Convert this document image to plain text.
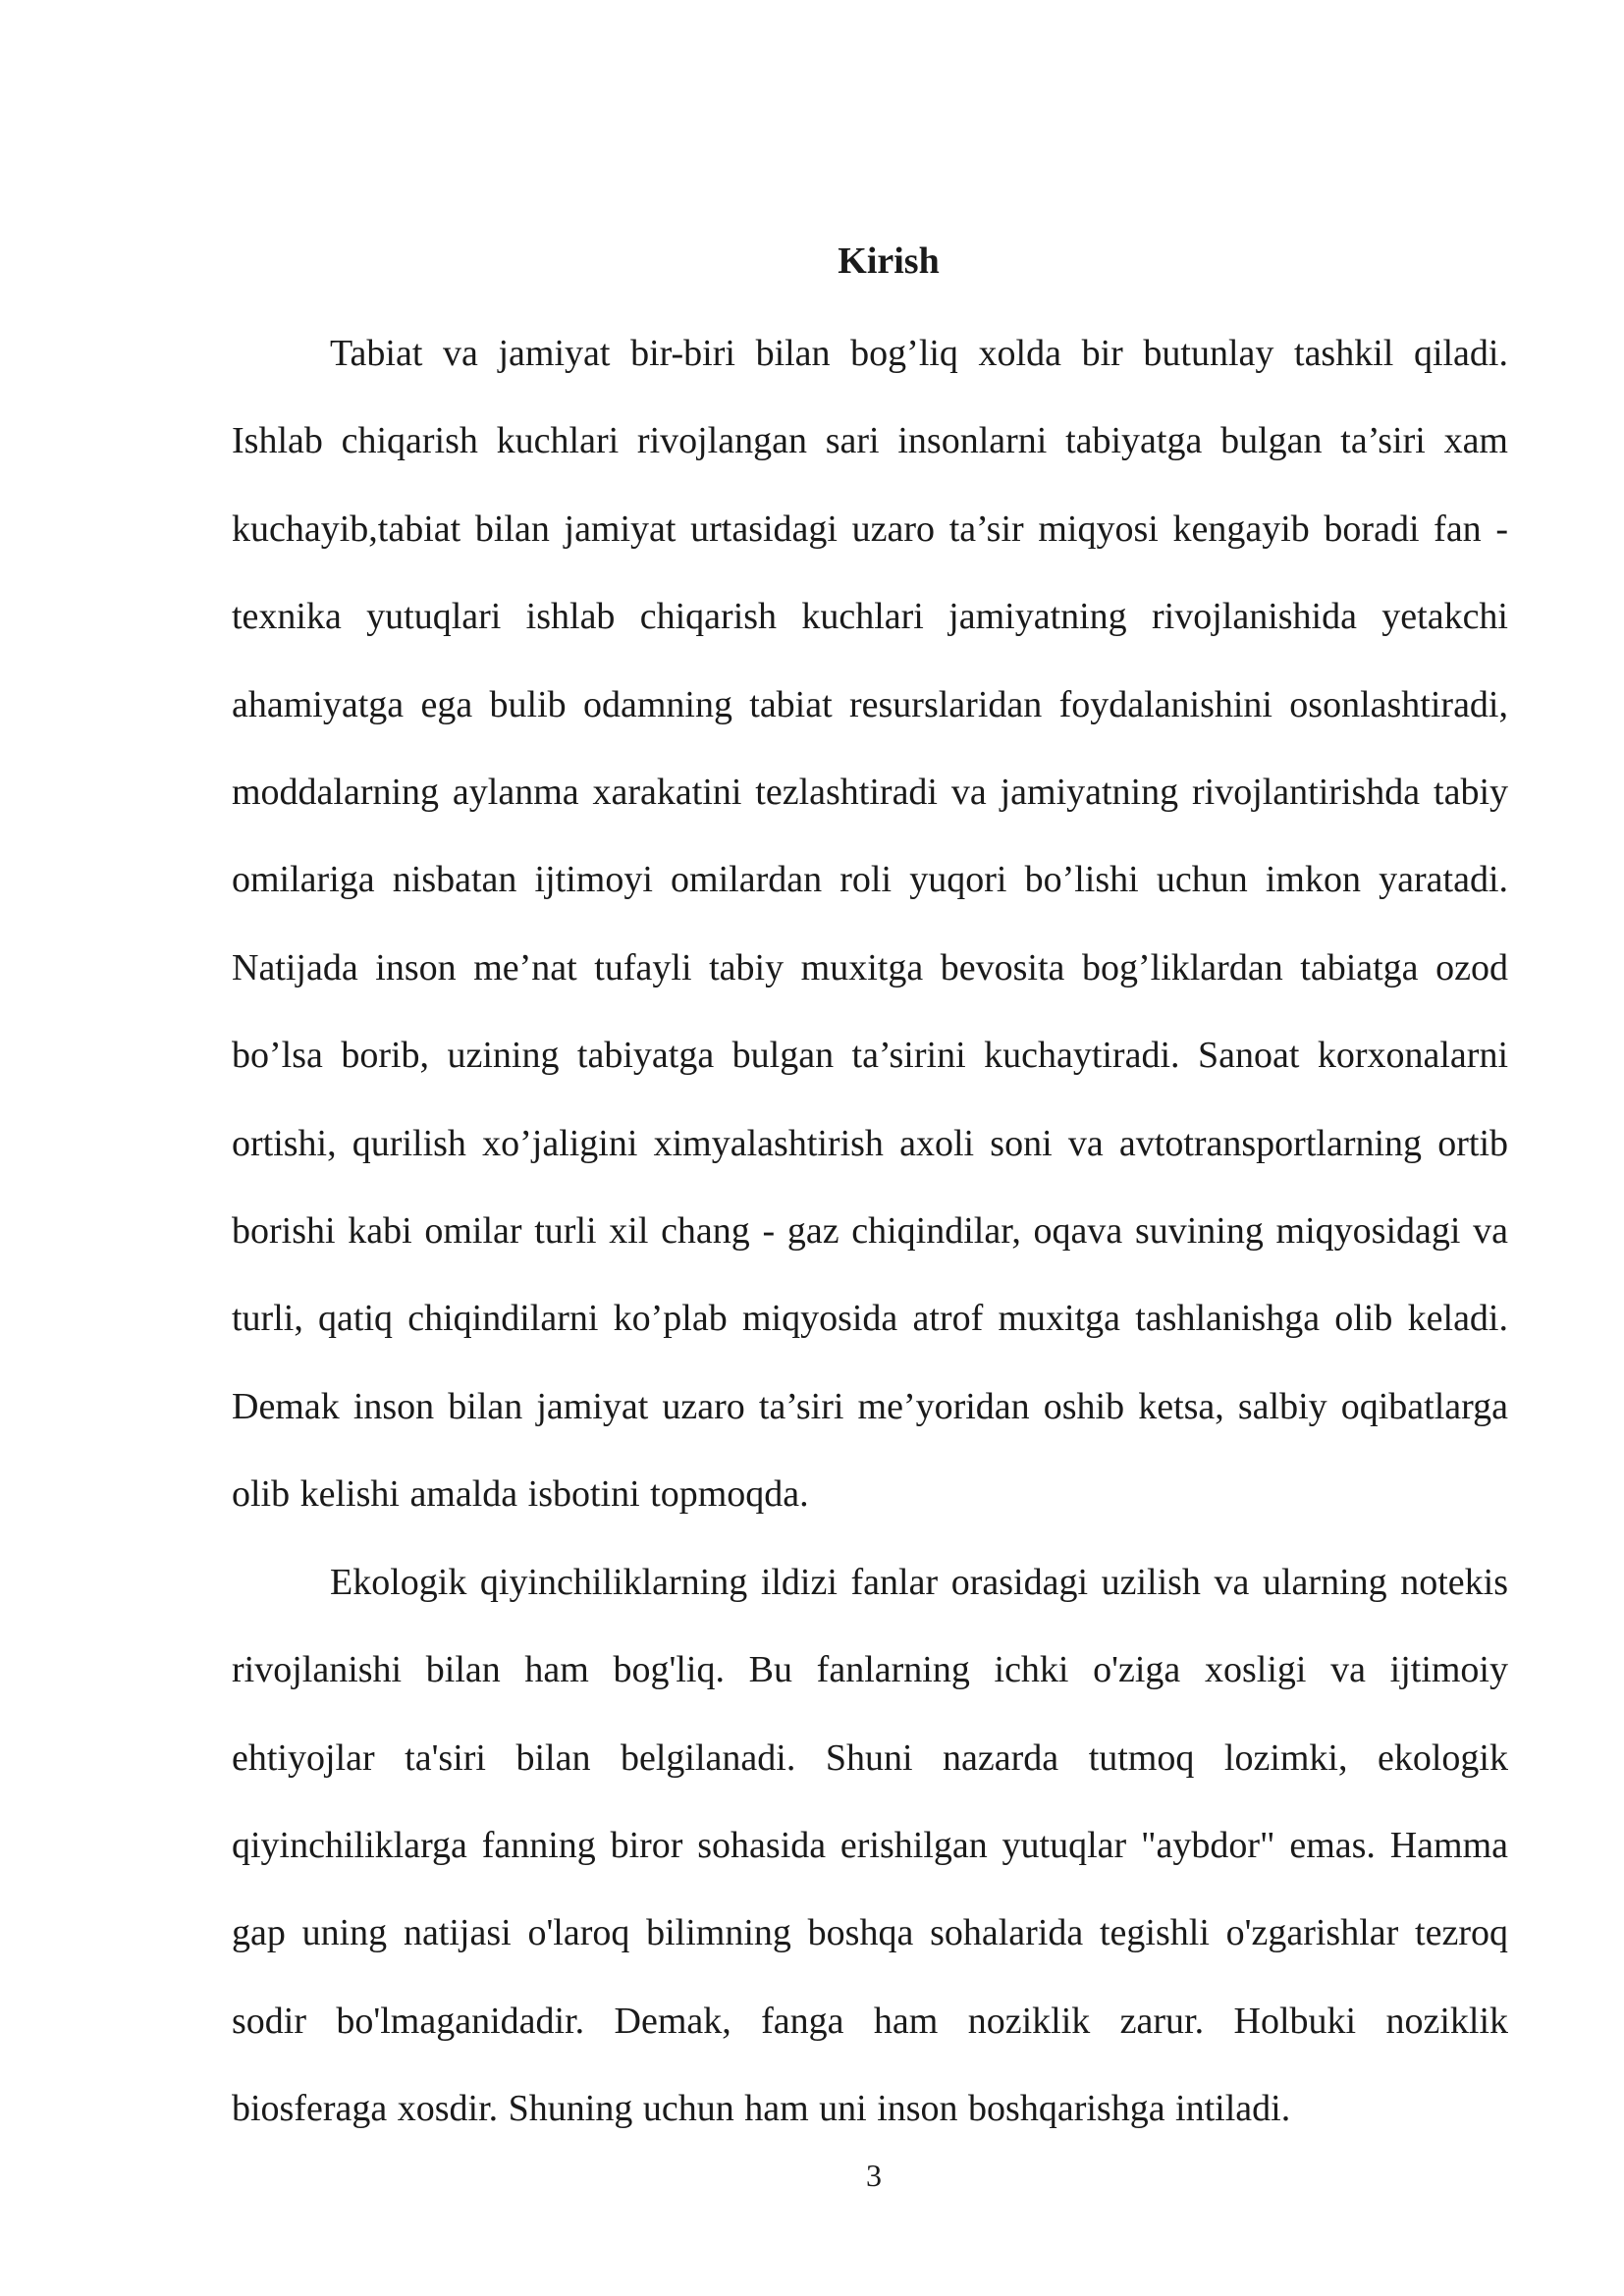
Kirish

Tabiat va jamiyat bir-biri bilan bog’liq xolda bir butunlay tashkil qiladi. Ishlab chiqarish kuchlari rivojlangan sari insonlarni tabiyatga bulgan ta’siri xam kuchayib,tabiat bilan jamiyat urtasidagi uzaro ta’sir miqyosi kengayib boradi fan - texnika yutuqlari ishlab chiqarish kuchlari jamiyatning rivojlanishida yetakchi ahamiyatga ega bulib odamning tabiat resurslaridan foydalanishini osonlashtiradi, moddalarning aylanma xarakatini tezlashtiradi va jamiyatning rivojlantirishda tabiy omilariga nisbatan ijtimoyi omilardan roli yuqori bo’lishi uchun imkon yaratadi. Natijada inson me’nat tufayli tabiy muxitga bevosita bog’liklardan tabiatga ozod bo’lsa borib, uzining tabiyatga bulgan ta’sirini kuchaytiradi. Sanoat korxonalarni ortishi, qurilish xo’jaligini ximyalashtirish axoli soni va avtotransportlarning ortib borishi kabi omilar turli xil chang - gaz chiqindilar, oqava suvining miqyosidagi va turli, qatiq chiqindilarni ko’plab miqyosida atrof muxitga tashlanishga olib keladi. Demak inson bilan jamiyat uzaro ta’siri me’yoridan oshib ketsa, salbiy oqibatlarga olib kelishi amalda isbotini topmoqda.

Ekologik qiyinchiliklarning ildizi fanlar orasidagi uzilish va ularning notekis rivojlanishi bilan ham bog'liq. Bu fanlarning ichki o'ziga xosligi va ijtimoiy ehtiyojlar ta'siri bilan belgilanadi. Shuni nazarda tutmoq lozimki, ekologik qiyinchiliklarga fanning biror sohasida erishilgan yutuqlar "aybdor" emas. Hamma gap uning natijasi o'laroq bilimning boshqa sohalarida tegishli o'zgarishlar tezroq sodir bo'lmaganidadir. Demak, fanga ham noziklik zarur. Holbuki noziklik biosferaga xosdir. Shuning uchun ham uni inson boshqarishga intiladi.

3
